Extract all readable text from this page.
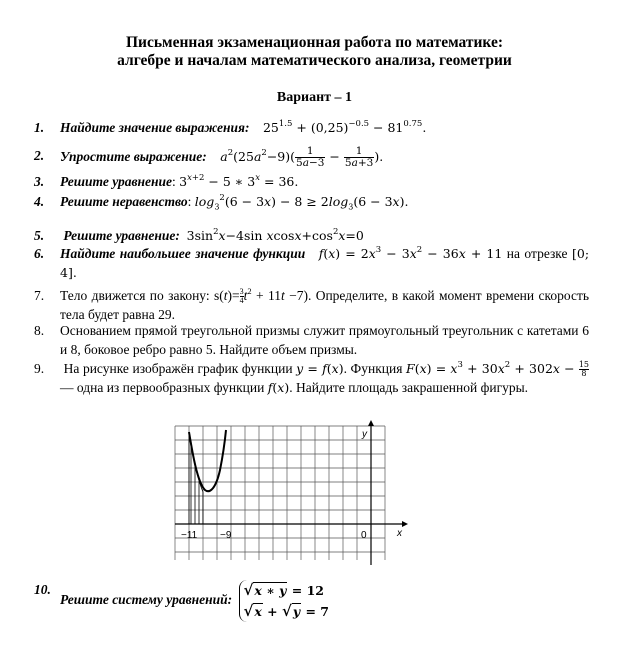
Письменная экзаменационная работа по математике:
алгебре и началам математического анализа, геометрии
Вариант – 1
1.	Найдите значение выражения: $25^{1.5} + (0,25)^{-0.5} - 81^{0.75}$.
2.	Упростите выражение: $a^2(25a^2-9)( \frac{1}{5a-3} - \frac{1}{5a+3}$ ).
3.	Решите уравнение: $3^{x+2} - 5$ ∗ $3^x = 36$.
4.	Решите неравенство: $\log_3^2(6 - 3x) - 8 \ge 2\log_3(6 - 3x)$.
5.	Решите уравнение: $3\sin^2x-4\sin$ $xcosx+\cos^2x=0$
6.	Найдите наибольшее значение функции $f(x) = 2x^3 - 3x^2 - 36x + 11$ на отрезке [0; 4].
7.	Тело движется по закону: $s(t)= \frac{3}{4} t^2 + 11t -7$). Определите, в какой момент времени скорость тела будет равна 29.
8.	Основанием прямой треугольной призмы служит прямоугольный треугольник с катетами 6 и 8, боковое ребро равно 5. Найдите объем призмы.
9.	На рисунке изображён график функции y = f(x). Функция $F(x) = x^3 + 30x^2 + 302x - \frac{15}{8}$
— одна из первообразных функции f(x). Найдите площадь закрашенной фигуры.
−11 −9	0	x
y
10.
Решите систему уравнений:
√x ∗ y = 12
√x + √y = 7
